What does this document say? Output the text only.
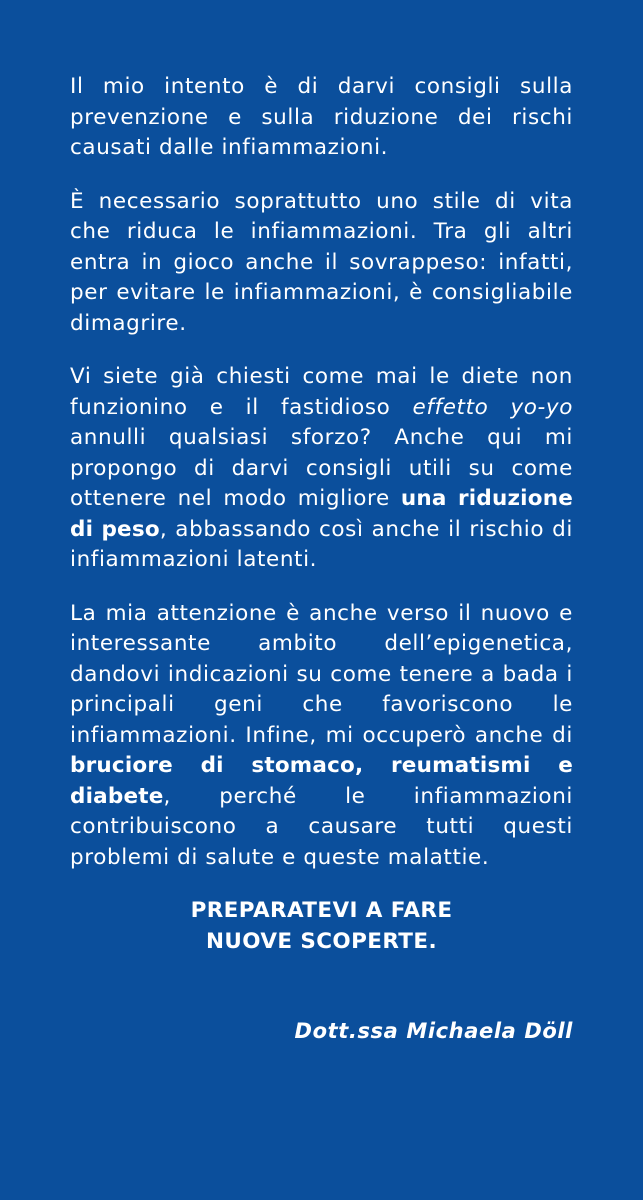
Il mio intento è di darvi consigli sulla prevenzione e sulla riduzione dei rischi causati dalle infiammazioni.

È necessario soprattutto uno stile di vita che riduca le infiammazioni. Tra gli altri entra in gioco anche il sovrappeso: infatti, per evitare le infiammazioni, è consigliabile dimagrire.

Vi siete già chiesti come mai le diete non funzionino e il fastidioso effetto yo-yo annulli qualsiasi sforzo? Anche qui mi propongo di darvi consigli utili su come ottenere nel modo migliore una riduzione di peso, abbassando così anche il rischio di infiammazioni latenti.

La mia attenzione è anche verso il nuovo e interessante ambito dell’epigenetica, dandovi indicazioni su come tenere a bada i principali geni che favoriscono le infiammazioni. Infine, mi occuperò anche di bruciore di stomaco, reumatismi e diabete, perché le infiammazioni contribuiscono a causare tutti questi problemi di salute e queste malattie.

PREPARATEVI A FARE
NUOVE SCOPERTE.
Dott.ssa Michaela Döll
